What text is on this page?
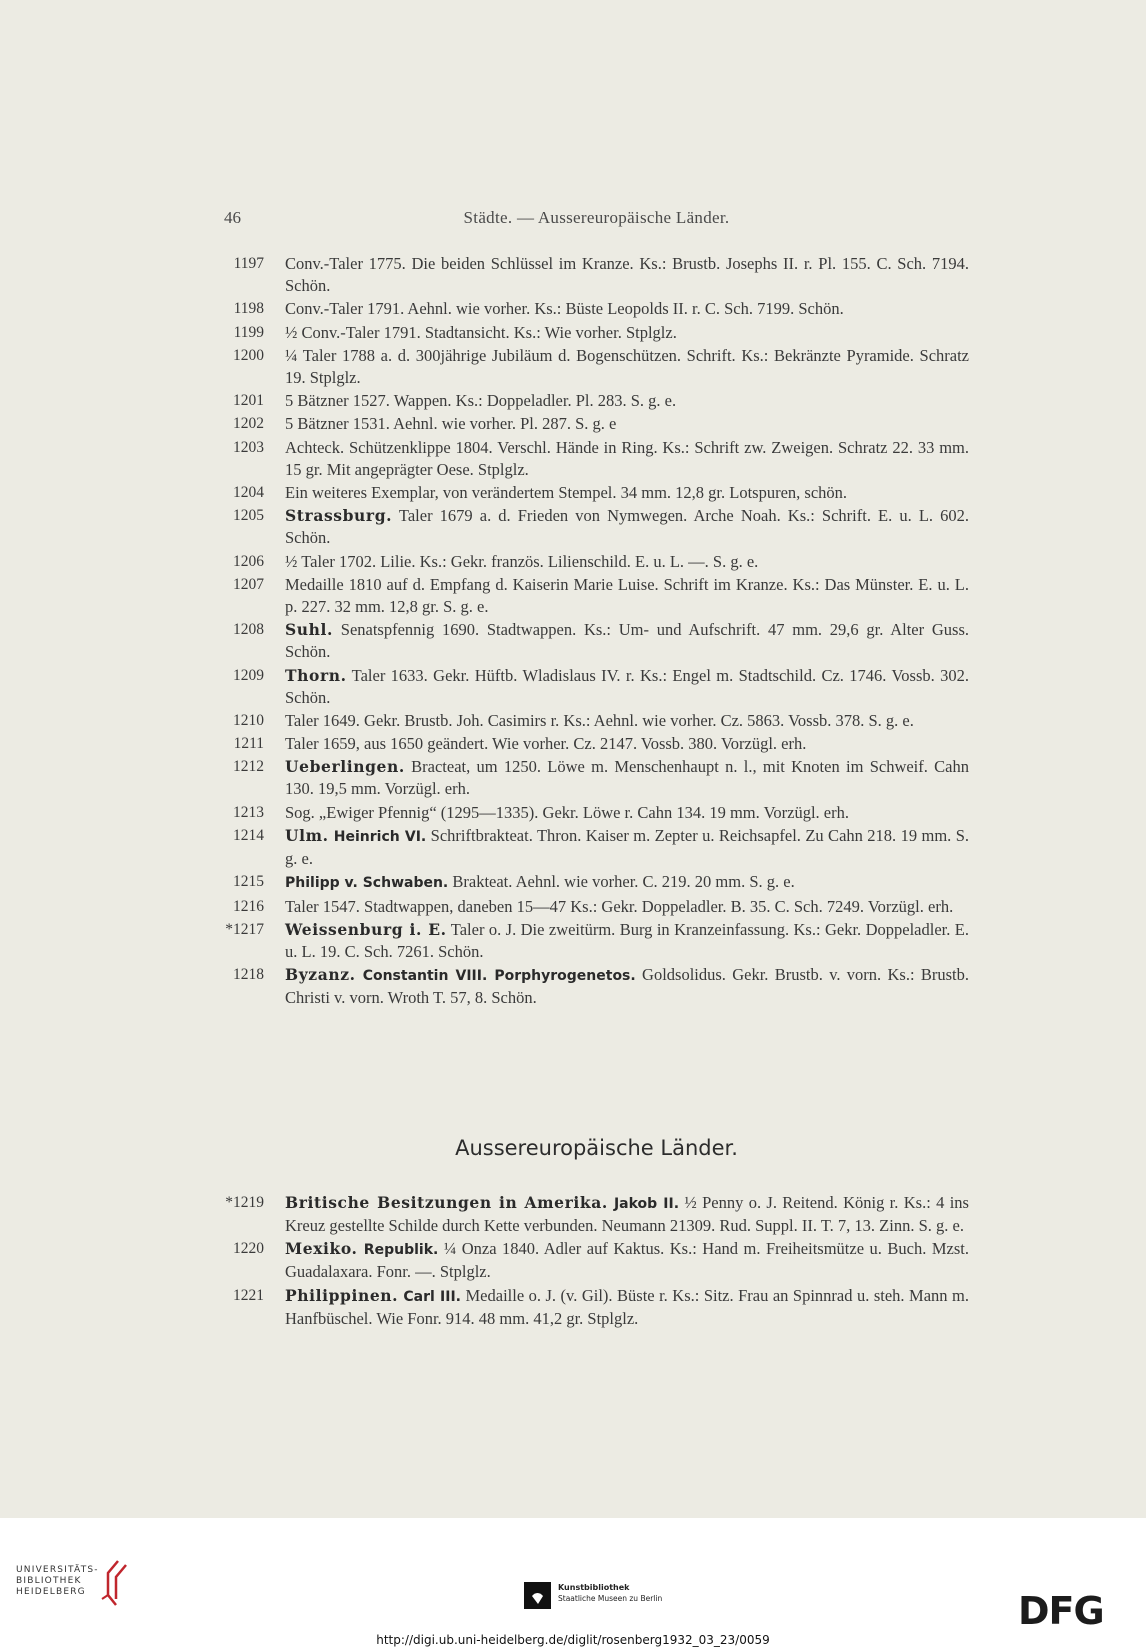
46	Städte. — Aussereuropäische Länder.
1197 Conv.-Taler 1775. Die beiden Schlüssel im Kranze. Ks.: Brustb. Josephs II. r. Pl. 155. C. Sch. 7194. Schön.
1198 Conv.-Taler 1791. Aehnl. wie vorher. Ks.: Büste Leopolds II. r. C. Sch. 7199. Schön.
1199 ½ Conv.-Taler 1791. Stadtansicht. Ks.: Wie vorher. Stplglz.
1200 ¼ Taler 1788 a. d. 300jährige Jubiläum d. Bogenschützen. Schrift. Ks.: Bekränzte Pyramide. Schratz 19. Stplglz.
1201 5 Bätzner 1527. Wappen. Ks.: Doppeladler. Pl. 283. S. g. e.
1202 5 Bätzner 1531. Aehnl. wie vorher. Pl. 287. S. g. e
1203 Achteck. Schützenklippe 1804. Verschl. Hände in Ring. Ks.: Schrift zw. Zweigen. Schratz 22. 33 mm. 15 gr. Mit angeprägter Oese. Stplglz.
1204 Ein weiteres Exemplar, von verändertem Stempel. 34 mm. 12,8 gr. Lotspuren, schön.
1205 Strassburg. Taler 1679 a. d. Frieden von Nymwegen. Arche Noah. Ks.: Schrift. E. u. L. 602. Schön.
1206 ½ Taler 1702. Lilie. Ks.: Gekr. französ. Lilienschild. E. u. L. —. S. g. e.
1207 Medaille 1810 auf d. Empfang d. Kaiserin Marie Luise. Schrift im Kranze. Ks.: Das Münster. E. u. L. p. 227. 32 mm. 12,8 gr. S. g. e.
1208 Suhl. Senatspfennig 1690. Stadtwappen. Ks.: Um- und Aufschrift. 47 mm. 29,6 gr. Alter Guss. Schön.
1209 Thorn. Taler 1633. Gekr. Hüftb. Wladislaus IV. r. Ks.: Engel m. Stadtschild. Cz. 1746. Vossb. 302. Schön.
1210 Taler 1649. Gekr. Brustb. Joh. Casimirs r. Ks.: Aehnl. wie vorher. Cz. 5863. Vossb. 378. S. g. e.
1211 Taler 1659, aus 1650 geändert. Wie vorher. Cz. 2147. Vossb. 380. Vorzügl. erh.
1212 Ueberlingen. Bracteat, um 1250. Löwe m. Menschenhaupt n. l., mit Knoten im Schweif. Cahn 130. 19,5 mm. Vorzügl. erh.
1213 Sog. „Ewiger Pfennig“ (1295—1335). Gekr. Löwe r. Cahn 134. 19 mm. Vorzügl. erh.
1214 Ulm. Heinrich VI. Schriftbrakteat. Thron. Kaiser m. Zepter u. Reichsapfel. Zu Cahn 218. 19 mm. S. g. e.
1215 Philipp v. Schwaben. Brakteat. Aehnl. wie vorher. C. 219. 20 mm. S. g. e.
1216 Taler 1547. Stadtwappen, daneben 15—47 Ks.: Gekr. Doppeladler. B. 35. C. Sch. 7249. Vorzügl. erh.
*1217 Weissenburg i. E. Taler o. J. Die zweitürm. Burg in Kranzeinfassung. Ks.: Gekr. Doppeladler. E. u. L. 19. C. Sch. 7261. Schön.
1218 Byzanz. Constantin VIII. Porphyrogenetos. Goldsolidus. Gekr. Brustb. v. vorn. Ks.: Brustb. Christi v. vorn. Wroth T. 57, 8. Schön.
Aussereuropäische Länder.
*1219 Britische Besitzungen in Amerika. Jakob II. ½ Penny o. J. Reitend. König r. Ks.: 4 ins Kreuz gestellte Schilde durch Kette verbunden. Neumann 21309. Rud. Suppl. II. T. 7, 13. Zinn. S. g. e.
1220 Mexiko. Republik. ¼ Onza 1840. Adler auf Kaktus. Ks.: Hand m. Freiheitsmütze u. Buch. Mzst. Guadalaxara. Fonr. —. Stplglz.
1221 Philippinen. Carl III. Medaille o. J. (v. Gil). Büste r. Ks.: Sitz. Frau an Spinnrad u. steh. Mann m. Hanfbüschel. Wie Fonr. 914. 48 mm. 41,2 gr. Stplglz.
UNIVERSITÄTS-
BIBLIOTHEK
HEIDELBERG	Kunstbibliothek
Staatliche Museen zu Berlin	DFG
http://digi.ub.uni-heidelberg.de/diglit/rosenberg1932_03_23/0059
